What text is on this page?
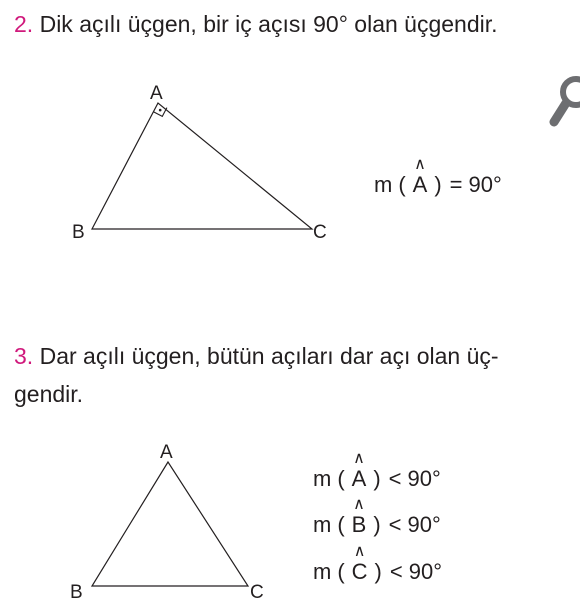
2. Dik açılı üçgen, bir iç açısı 90° olan üçgendir.
A
B	C
A
B	C
m (
∧
A ) = 90°
3. Dar açılı üçgen, bütün açıları dar açı olan üç-
gendir.
m (
∧
A ) < 90°
m (
∧
B ) < 90°
m (
∧
C ) < 90°
